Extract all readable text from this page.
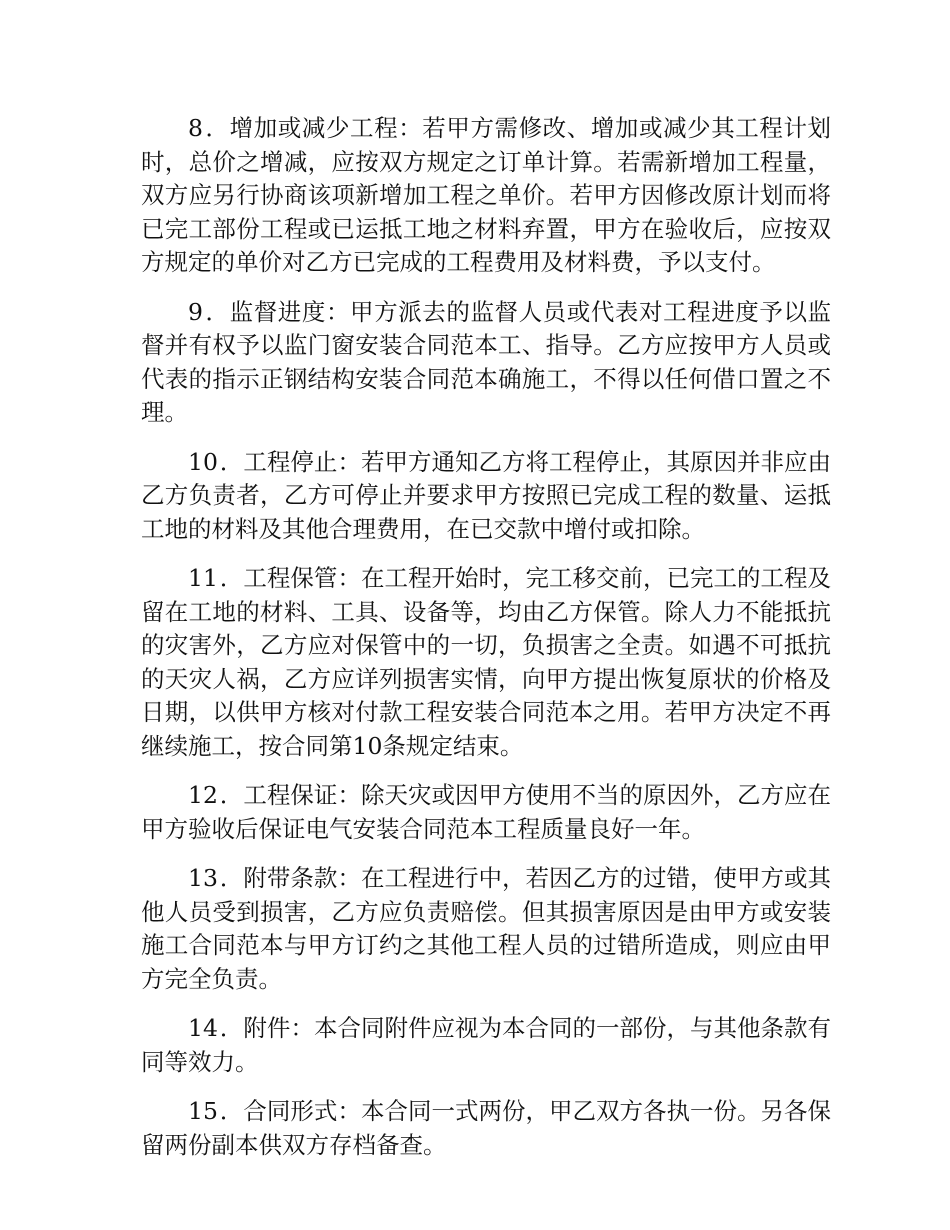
8．增加或减少工程：若甲方需修改、增加或减少其工程计划时，总价之增减，应按双方规定之订单计算。若需新增加工程量，双方应另行协商该项新增加工程之单价。若甲方因修改原计划而将已完工部份工程或已运抵工地之材料弃置，甲方在验收后，应按双方规定的单价对乙方已完成的工程费用及材料费，予以支付。

9．监督进度：甲方派去的监督人员或代表对工程进度予以监督并有权予以监门窗安装合同范本工、指导。乙方应按甲方人员或代表的指示正钢结构安装合同范本确施工，不得以任何借口置之不理。

10．工程停止：若甲方通知乙方将工程停止，其原因并非应由乙方负责者，乙方可停止并要求甲方按照已完成工程的数量、运抵工地的材料及其他合理费用，在已交款中增付或扣除。

11．工程保管：在工程开始时，完工移交前，已完工的工程及留在工地的材料、工具、设备等，均由乙方保管。除人力不能抵抗的灾害外，乙方应对保管中的一切，负损害之全责。如遇不可抵抗的天灾人祸，乙方应详列损害实情，向甲方提出恢复原状的价格及日期，以供甲方核对付款工程安装合同范本之用。若甲方决定不再继续施工，按合同第10条规定结束。

12．工程保证：除天灾或因甲方使用不当的原因外，乙方应在甲方验收后保证电气安装合同范本工程质量良好一年。

13．附带条款：在工程进行中，若因乙方的过错，使甲方或其他人员受到损害，乙方应负责赔偿。但其损害原因是由甲方或安装施工合同范本与甲方订约之其他工程人员的过错所造成，则应由甲方完全负责。

14．附件：本合同附件应视为本合同的一部份，与其他条款有同等效力。

15．合同形式：本合同一式两份，甲乙双方各执一份。另各保留两份副本供双方存档备查。
